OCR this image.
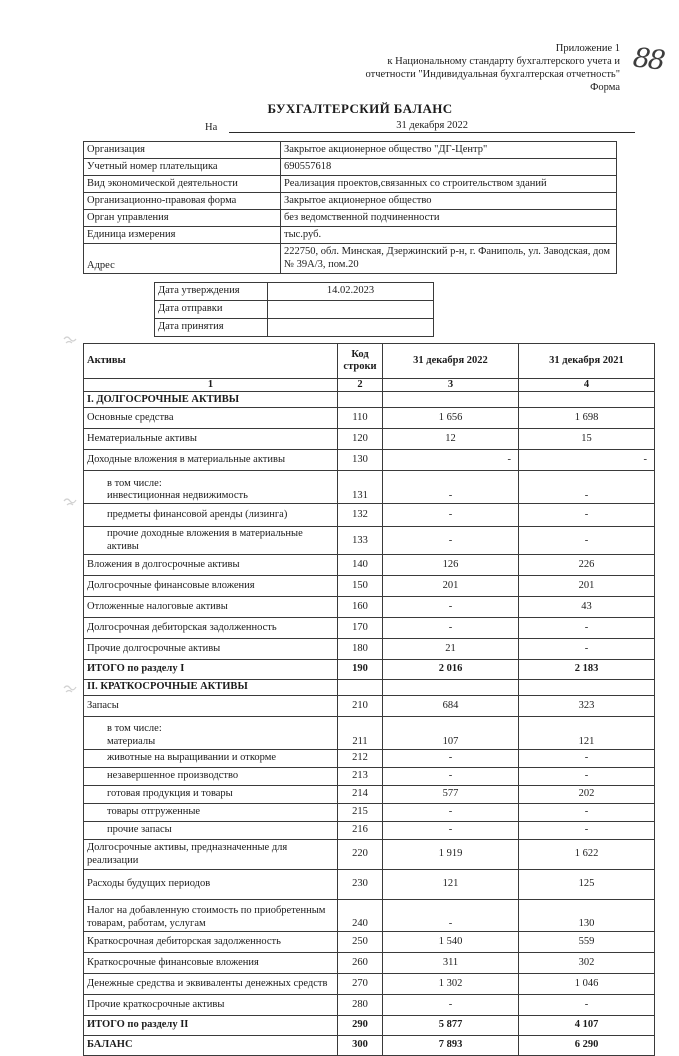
88
Приложение 1
к Национальному стандарту бухгалтерского учета и
отчетности "Индивидуальная бухгалтерская отчетность"
Форма
БУХГАЛТЕРСКИЙ БАЛАНС
На	31 декабря 2022
Организация	Закрытое акционерное общество "ДГ-Центр"
Учетный номер плательщика	690557618
Вид экономической деятельности	Реализация проектов,связанных со строительством зданий
Организационно-правовая форма	Закрытое акционерное общество
Орган управления	без ведомственной подчиненности
Единица измерения	тыс.руб.
Адрес	222750, обл. Минская, Дзержинский р-н, г. Фаниполь, ул. Заводская, дом № 39А/3, пом.20
Дата утверждения	14.02.2023
Дата отправки	
Дата принятия	
Активы	Код строки	31 декабря 2022	31 декабря 2021
1	2	3	4
I. ДОЛГОСРОЧНЫЕ АКТИВЫ			

Основные средства	110	1 656	1 698

Нематериальные активы	120	12	15

Доходные вложения в материальные активы	130	-	-

в том числе:
инвестиционная недвижимость	131	-	-

предметы финансовой аренды (лизинга)	132	-	-

прочие доходные вложения в материальные активы	133	-	-

Вложения в долгосрочные активы	140	126	226

Долгосрочные финансовые вложения	150	201	201

Отложенные налоговые активы	160	-	43

Долгосрочная дебиторская задолженность	170	-	-

Прочие долгосрочные активы	180	21	-

ИТОГО по разделу I	190	2 016	2 183
II. КРАТКОСРОЧНЫЕ АКТИВЫ			

Запасы	210	684	323

в том числе:
материалы	211	107	121

животные на выращивании и откорме	212	-	-

незавершенное производство	213	-	-

готовая продукция и товары	214	577	202

товары отгруженные	215	-	-

прочие запасы	216	-	-

Долгосрочные активы, предназначенные для реализации	220	1 919	1 622

Расходы будущих периодов	230	121	125

Налог на добавленную стоимость по приобретенным товарам, работам, услугам	240	-	130

Краткосрочная дебиторская задолженность	250	1 540	559

Краткосрочные финансовые вложения	260	311	302

Денежные средства и эквиваленты денежных средств	270	1 302	1 046

Прочие краткосрочные активы	280	-	-

ИТОГО по разделу II	290	5 877	4 107

БАЛАНС	300	7 893	6 290
